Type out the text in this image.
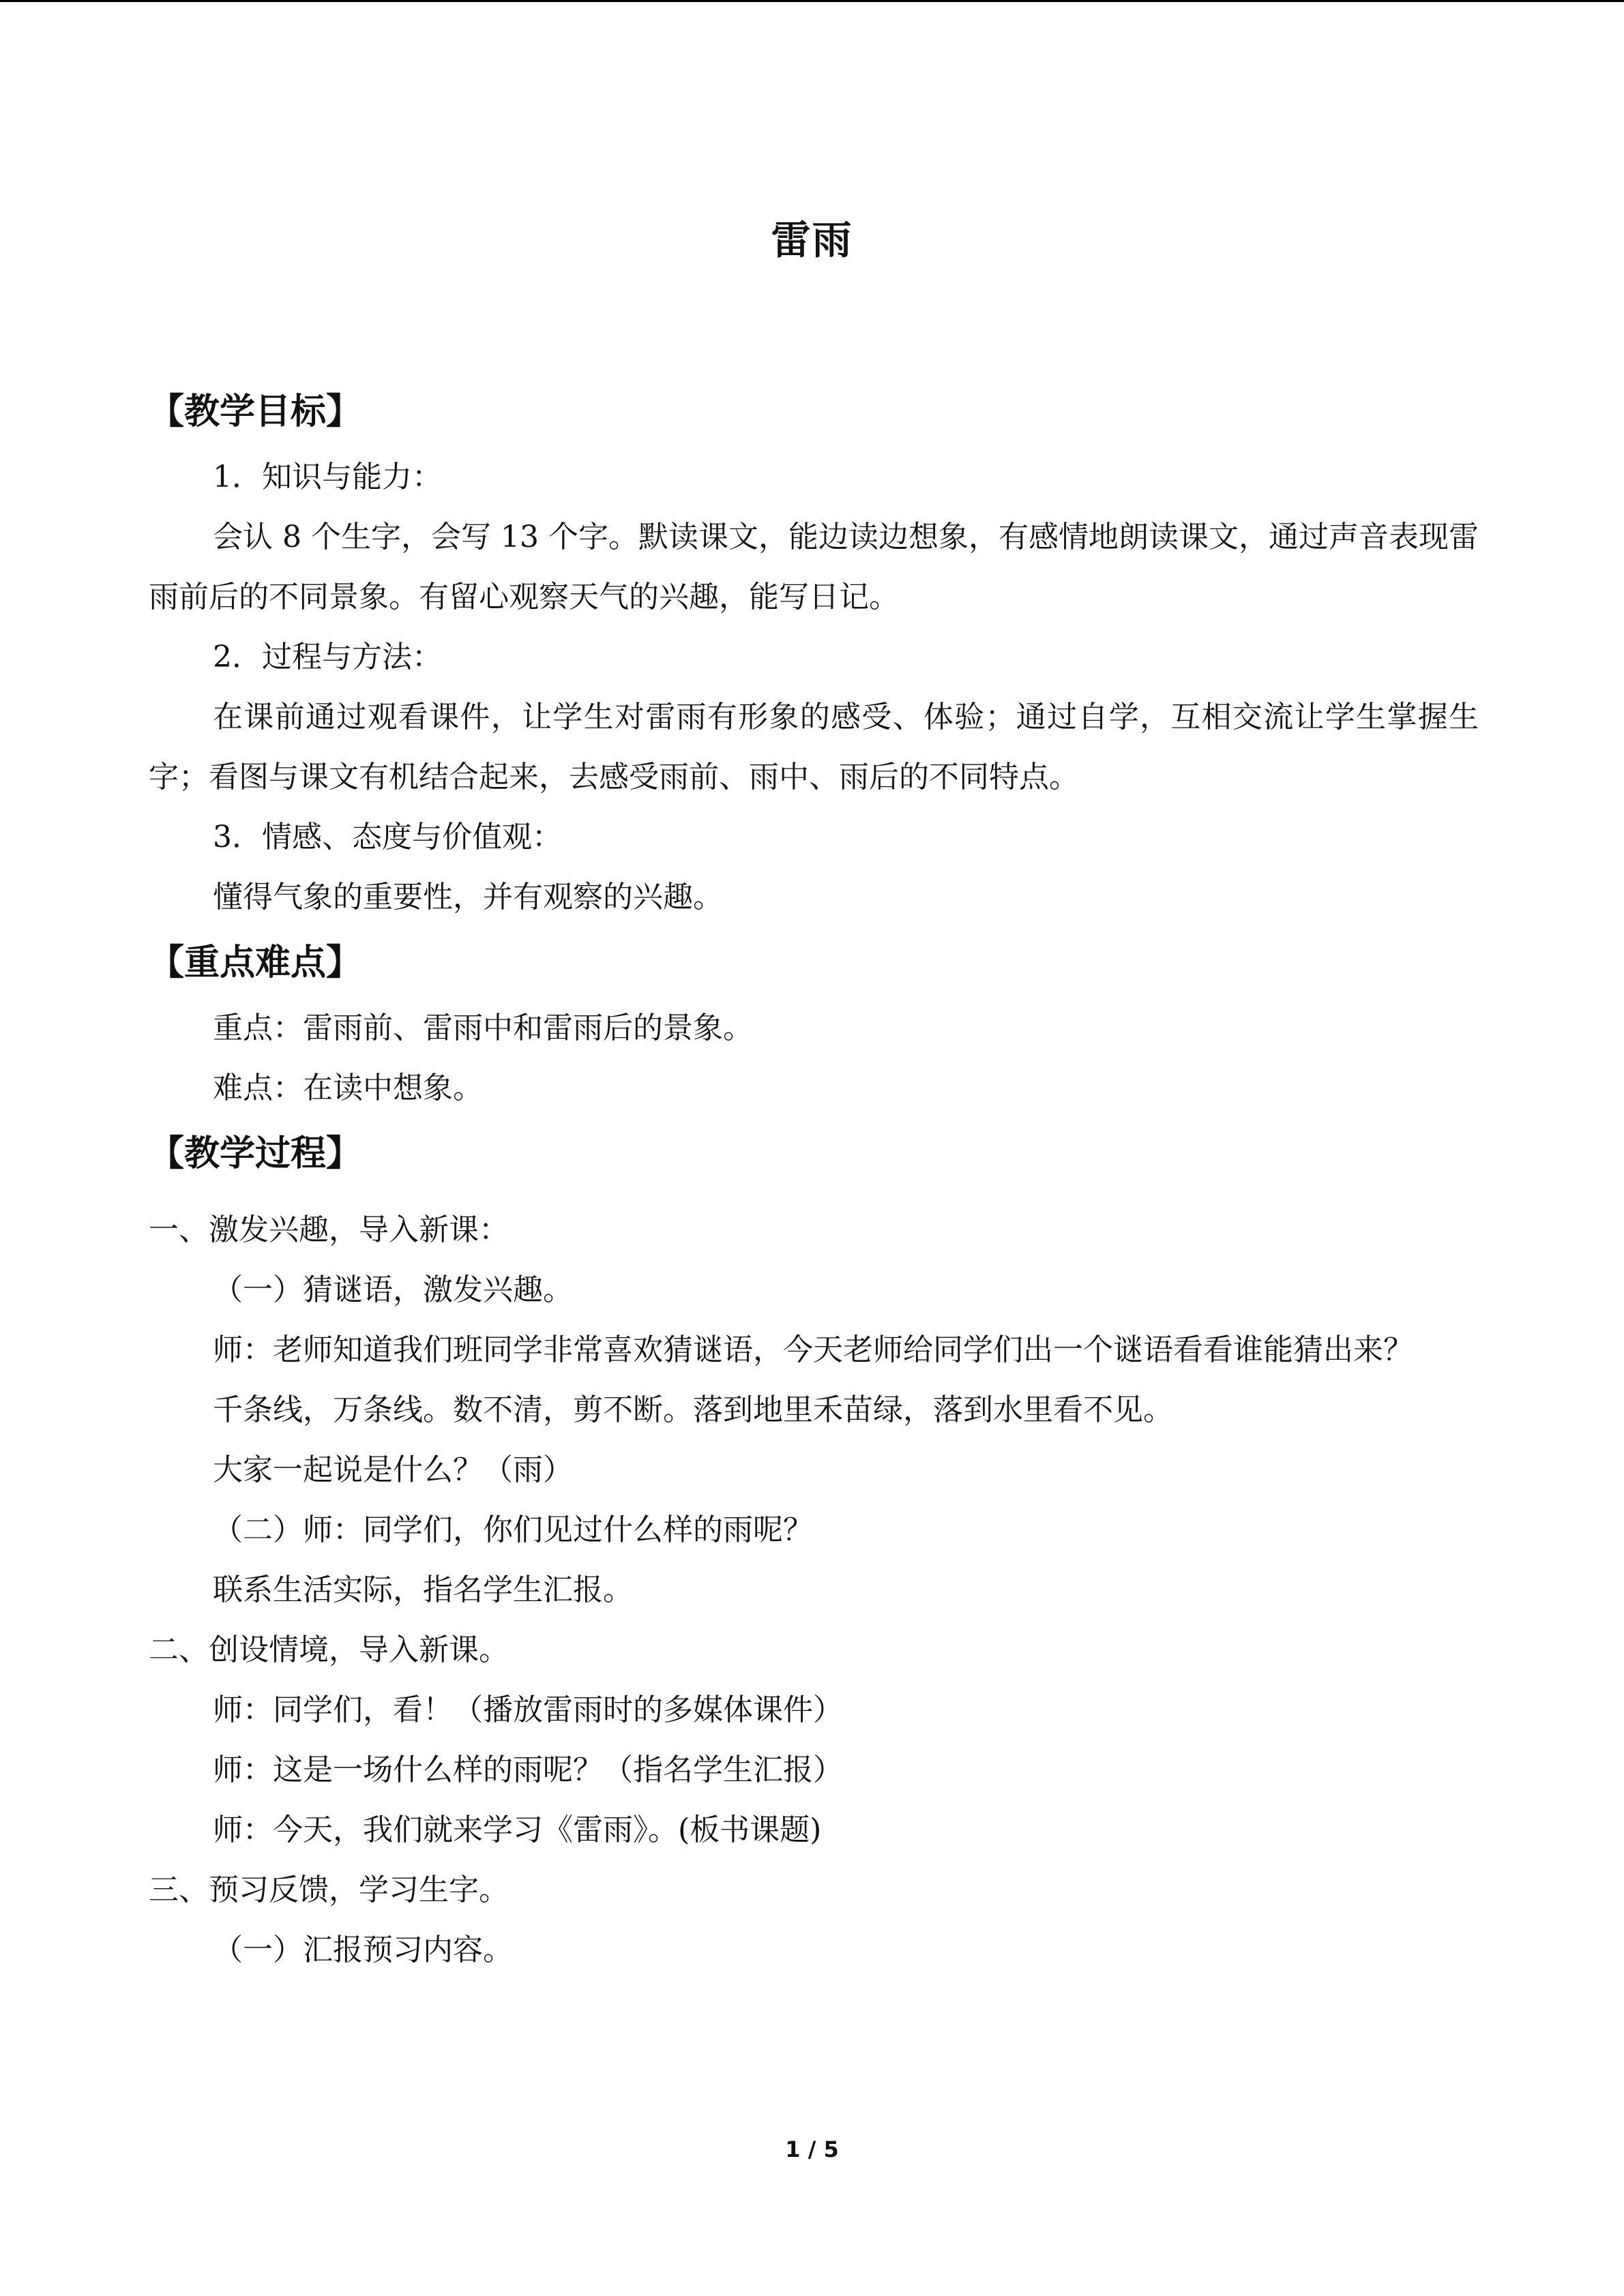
雷雨
【教学目标】
1．知识与能力：
会认 8 个生字，会写 13 个字。默读课文，能边读边想象，有感情地朗读课文，通过声音表现雷雨前后的不同景象。有留心观察天气的兴趣，能写日记。
2．过程与方法：
在课前通过观看课件，让学生对雷雨有形象的感受、体验；通过自学，互相交流让学生掌握生字；看图与课文有机结合起来，去感受雨前、雨中、雨后的不同特点。
3．情感、态度与价值观：
懂得气象的重要性，并有观察的兴趣。
【重点难点】
重点：雷雨前、雷雨中和雷雨后的景象。
难点：在读中想象。
【教学过程】
一、激发兴趣，导入新课：
（一）猜谜语，激发兴趣。
师：老师知道我们班同学非常喜欢猜谜语，今天老师给同学们出一个谜语看看谁能猜出来？
千条线，万条线。数不清，剪不断。落到地里禾苗绿，落到水里看不见。
大家一起说是什么？（雨）
（二）师：同学们，你们见过什么样的雨呢？
联系生活实际，指名学生汇报。
二、创设情境，导入新课。
师：同学们，看！（播放雷雨时的多媒体课件）
师：这是一场什么样的雨呢？（指名学生汇报）
师：今天，我们就来学习《雷雨》。(板书课题)
三、预习反馈，学习生字。
（一）汇报预习内容。
1 / 5
